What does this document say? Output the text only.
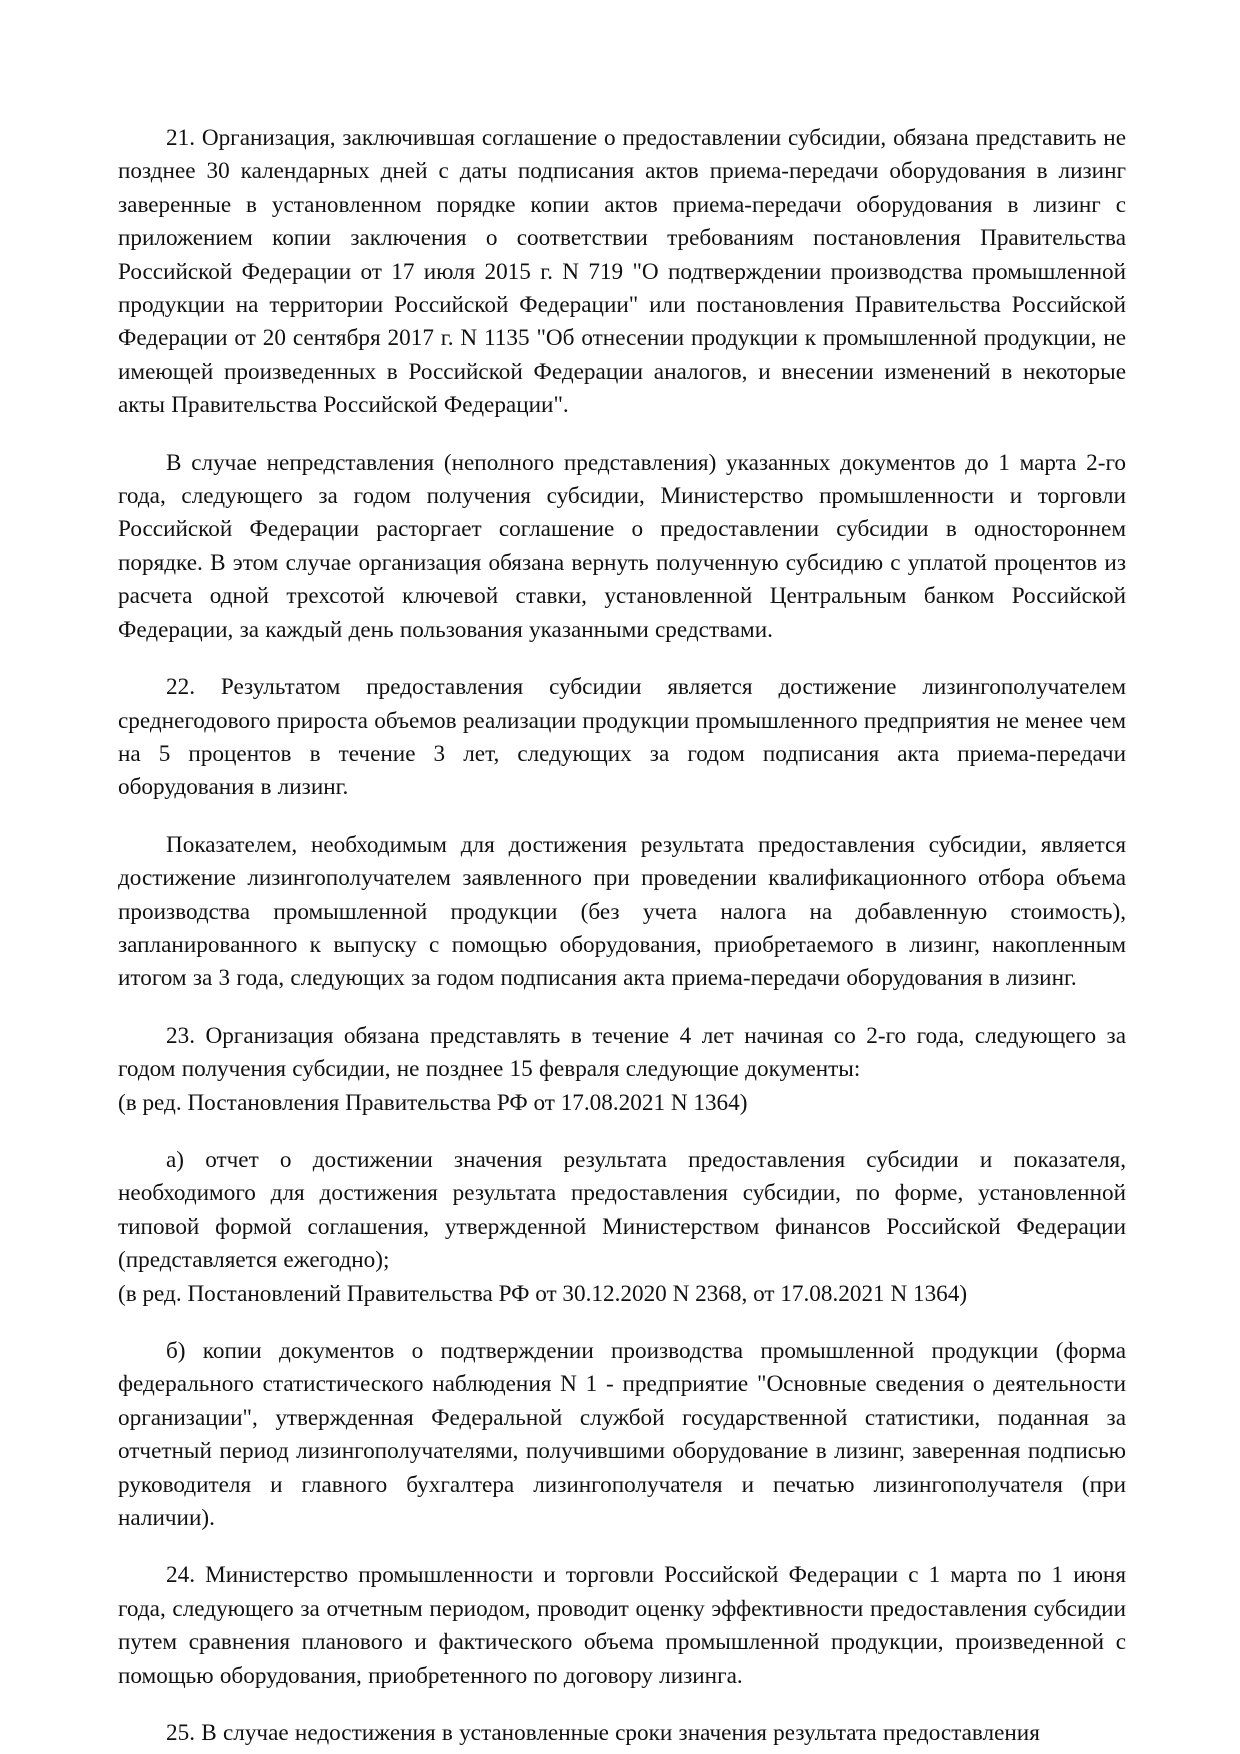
21. Организация, заключившая соглашение о предоставлении субсидии, обязана представить не позднее 30 календарных дней с даты подписания актов приема-передачи оборудования в лизинг заверенные в установленном порядке копии актов приема-передачи оборудования в лизинг с приложением копии заключения о соответствии требованиям постановления Правительства Российской Федерации от 17 июля 2015 г. N 719 "О подтверждении производства промышленной продукции на территории Российской Федерации" или постановления Правительства Российской Федерации от 20 сентября 2017 г. N 1135 "Об отнесении продукции к промышленной продукции, не имеющей произведенных в Российской Федерации аналогов, и внесении изменений в некоторые акты Правительства Российской Федерации".

В случае непредставления (неполного представления) указанных документов до 1 марта 2-го года, следующего за годом получения субсидии, Министерство промышленности и торговли Российской Федерации расторгает соглашение о предоставлении субсидии в одностороннем порядке. В этом случае организация обязана вернуть полученную субсидию с уплатой процентов из расчета одной трехсотой ключевой ставки, установленной Центральным банком Российской Федерации, за каждый день пользования указанными средствами.

22. Результатом предоставления субсидии является достижение лизингополучателем среднегодового прироста объемов реализации продукции промышленного предприятия не менее чем на 5 процентов в течение 3 лет, следующих за годом подписания акта приема-передачи оборудования в лизинг.

Показателем, необходимым для достижения результата предоставления субсидии, является достижение лизингополучателем заявленного при проведении квалификационного отбора объема производства промышленной продукции (без учета налога на добавленную стоимость), запланированного к выпуску с помощью оборудования, приобретаемого в лизинг, накопленным итогом за 3 года, следующих за годом подписания акта приема-передачи оборудования в лизинг.

23. Организация обязана представлять в течение 4 лет начиная со 2-го года, следующего за годом получения субсидии, не позднее 15 февраля следующие документы:

(в ред. Постановления Правительства РФ от 17.08.2021 N 1364)

а) отчет о достижении значения результата предоставления субсидии и показателя, необходимого для достижения результата предоставления субсидии, по форме, установленной типовой формой соглашения, утвержденной Министерством финансов Российской Федерации (представляется ежегодно);

(в ред. Постановлений Правительства РФ от 30.12.2020 N 2368, от 17.08.2021 N 1364)

б) копии документов о подтверждении производства промышленной продукции (форма федерального статистического наблюдения N 1 - предприятие "Основные сведения о деятельности организации", утвержденная Федеральной службой государственной статистики, поданная за отчетный период лизингополучателями, получившими оборудование в лизинг, заверенная подписью руководителя и главного бухгалтера лизингополучателя и печатью лизингополучателя (при наличии).

24. Министерство промышленности и торговли Российской Федерации с 1 марта по 1 июня года, следующего за отчетным периодом, проводит оценку эффективности предоставления субсидии путем сравнения планового и фактического объема промышленной продукции, произведенной с помощью оборудования, приобретенного по договору лизинга.

25. В случае недостижения в установленные сроки значения результата предоставления
